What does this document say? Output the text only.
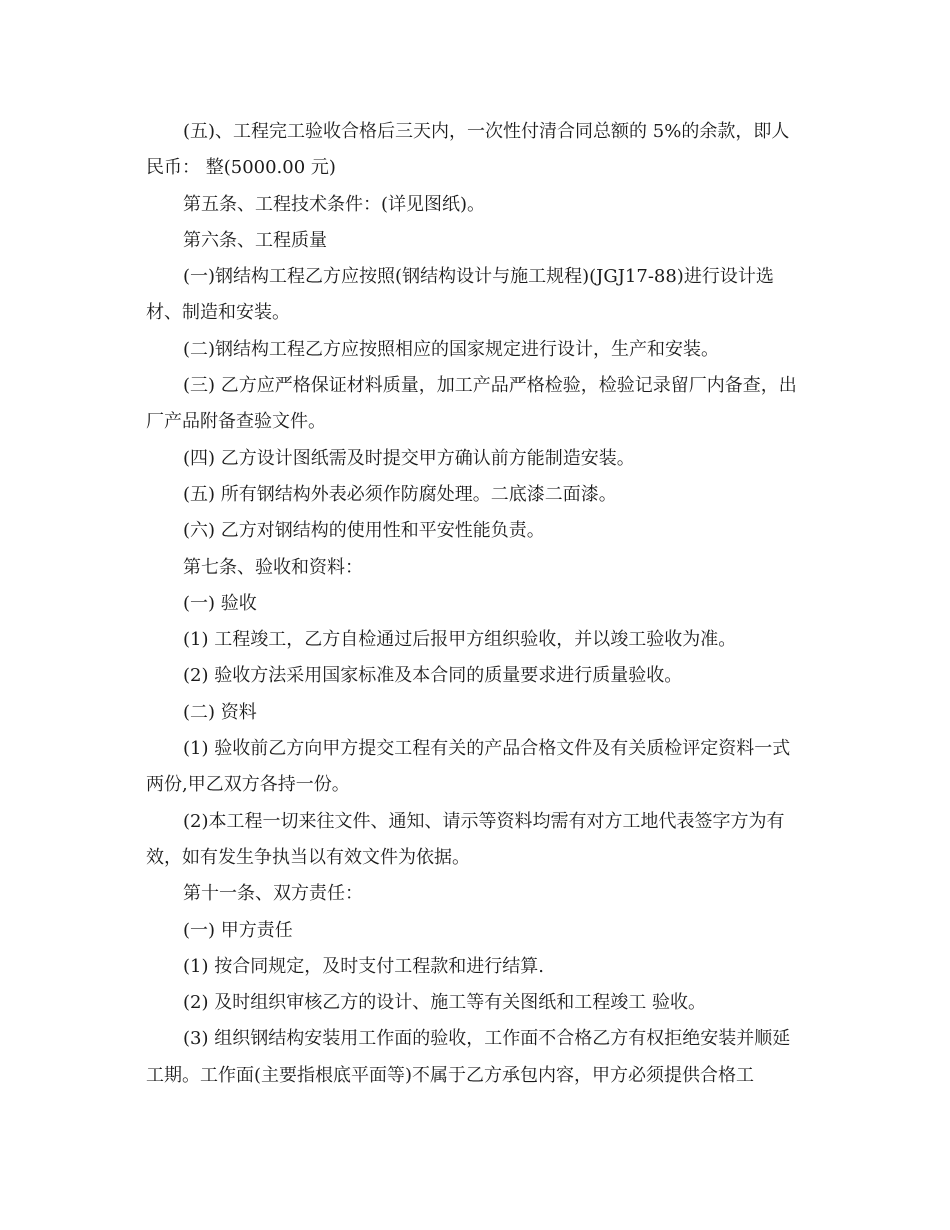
(五)、工程完工验收合格后三天内，一次性付清合同总额的 5%的余款，即人民币： 整(5000.00 元)

第五条、工程技术条件：(详见图纸)。

第六条、工程质量

(一)钢结构工程乙方应按照(钢结构设计与施工规程)(JGJ17-88)进行设计选材、制造和安装。

(二)钢结构工程乙方应按照相应的国家规定进行设计，生产和安装。

(三) 乙方应严格保证材料质量，加工产品严格检验，检验记录留厂内备查，出厂产品附备查验文件。

(四) 乙方设计图纸需及时提交甲方确认前方能制造安装。

(五) 所有钢结构外表必须作防腐处理。二底漆二面漆。

(六) 乙方对钢结构的使用性和平安性能负责。

第七条、验收和资料：

(一) 验收

(1) 工程竣工，乙方自检通过后报甲方组织验收，并以竣工验收为准。

(2) 验收方法采用国家标准及本合同的质量要求进行质量验收。

(二) 资料

(1) 验收前乙方向甲方提交工程有关的产品合格文件及有关质检评定资料一式两份,甲乙双方各持一份。

(2)本工程一切来往文件、通知、请示等资料均需有对方工地代表签字方为有效，如有发生争执当以有效文件为依据。

第十一条、双方责任：

(一) 甲方责任

(1) 按合同规定，及时支付工程款和进行结算.

(2) 及时组织审核乙方的设计、施工等有关图纸和工程竣工 验收。

(3) 组织钢结构安装用工作面的验收，工作面不合格乙方有权拒绝安装并顺延工期。工作面(主要指根底平面等)不属于乙方承包内容，甲方必须提供合格工
